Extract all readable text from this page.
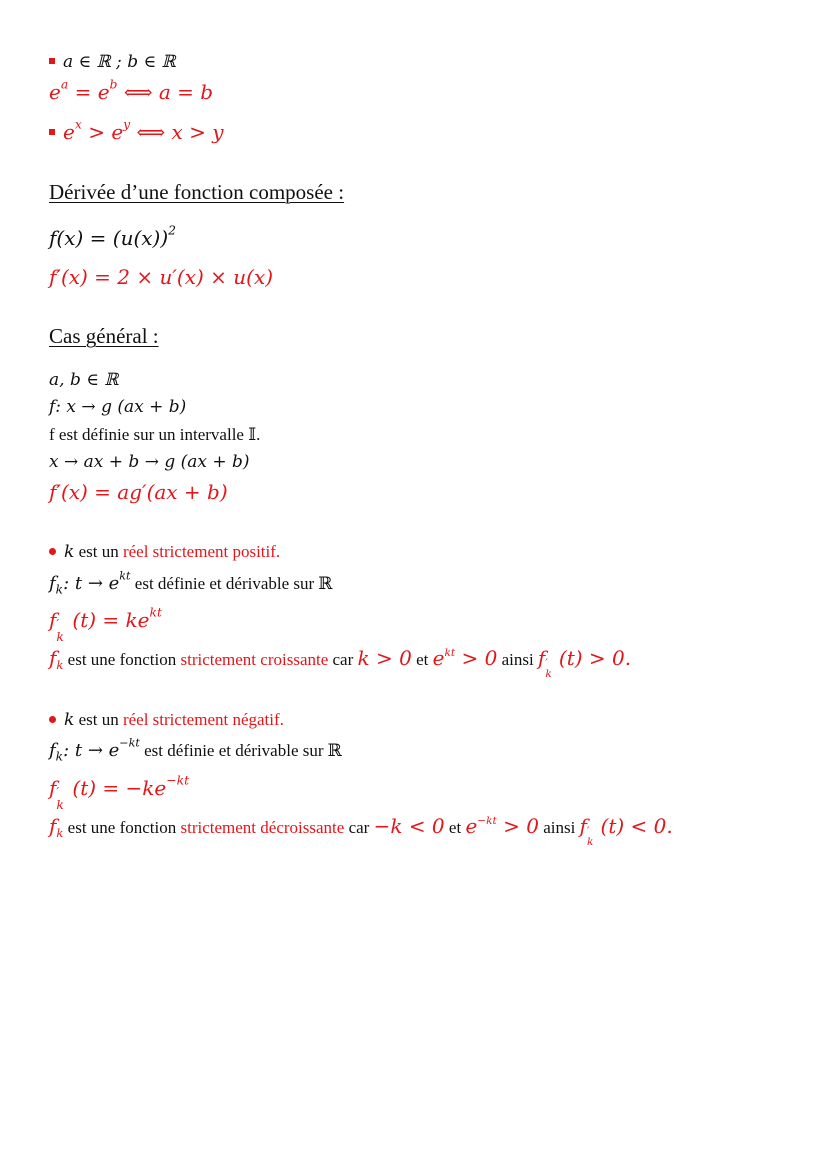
a ∈ ℝ ; b ∈ ℝ
$e^a = e^b$ ⟺ a = b
$e^x > e^y$ ⟺ x > y
Dérivée d’une fonction composée :
$f(x) = (u(x))^2$
f′(x) = 2 × u′(x) × u(x)
Cas général :
a, b ∈ ℝ
f: x → g (ax + b)
f est définie sur un intervalle 𝕀.
x → ax + b → g (ax + b)
f′(x) = ag′(ax + b)
k est un réel strictement positif.
$f_k$: $t \to e^{kt}$ est définie et dérivable sur ℝ
f ′
k
$(t) = ke^{kt}$
$f_k$ est une fonction strictement croissante car k > 0 et $e^{kt} > 0$ ainsi f ′
k
(t) > 0.
k est un réel strictement négatif.
$f_k$: $t \to e^{-kt}$ est définie et dérivable sur ℝ
f ′
k
$(t) = -ke^{-kt}$
$f_k$ est une fonction strictement décroissante car −k < 0 et $e^{-kt} > 0$ ainsi f ′
k
(t) < 0.
